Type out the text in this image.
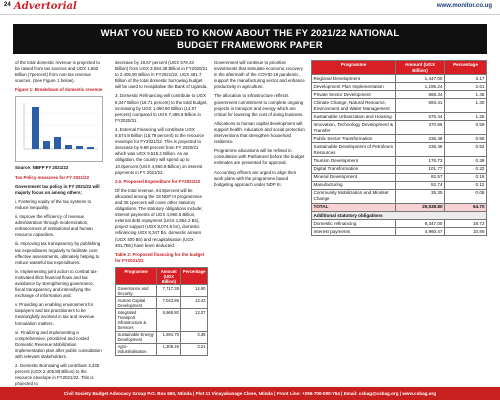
24 Advertorial	www.monitor.co.ug
WHAT YOU NEED TO KNOW ABOUT THE FY 2021/22 NATIONAL
BUDGET FRAMEWORK PAPER

of the total domestic revenue is projected to be raised from tax sources and UGX 1,562 Billion (7percent) from non-tax revenue sources. (See Figure 1 below).

Figure 1: Breakdown of domestic revenue

Source: NBFP FY 2021/22

Tax Policy measures for FY 2021/22

Government tax policy in FY 2021/22 will majorly focus on among others;

i. Fostering equity of the tax systems to reduce inequality.

ii. Improve the efficiency of revenue administration through modernization, enhancement of institutional and human resource capacities.

iii. Improving tax transparency by publishing tax expenditures regularly to facilitate cost-effective assessments, ultimately helping to reduce wasteful tax expenditures.

iv. Implementing joint action to combat tax-motivated illicit financial flows and tax avoidance by strengthening governance, fiscal transparency and intensifying the exchange of information and;

v. Providing an enabling environment for taxpayers and tax practitioners to be meaningfully involved in tax and revenue formulation matters.

vi. Finalizing and implementing a comprehensive, prioritized and costed Domestic Revenue Mobilization implementation plan after public consultation with relevant stakeholders.

2. Domestic Borrowing will contribute 3,435 percent (UGX 2,405.88 Billion) to the resource envelope in FY2021/22. This is projected to

decrease by 18.67 percent (UGX 579.43 Billion) from UGX 3,084.38 Billion in FY2020/21 to 2,405.90 Billion in FY2021/22. UGX 481.7 Billion of the total domestic borrowing budget will be used to recapitalise the Bank of Uganda.

3. Domestic Refinancing will contribute to UGX 8,347 Billion (18.71 percent) to the total budget, increasing by UGX 1,060.90 Billion (14.57 percent) compared to UGX 7,486.5 Billion in FY2020/21.

4. External Financing will contribute UGX 8,574.9 Billion (15.78 percent) to the resource envelope for FY2021/22. This is projected to decrease by 9.88 percent from FY 2020/21 which was UGX 9,515.2 Billion. As an obligation, the country will spend up to 10.0percent (UGX 4,960.5 Billion) on interest payments in FY 2021/22.

2.0. Proposed Expenditure for FY2021/22

Of the total revenue, 64.9percent will be allocated among the 18 NDP III programmes and 35.1percent will cover other statutory obligations. The statutory obligations include; interest payments of UGX 4,960.5 Billion, external debt repayment (UGX 1,854.2 Bn), project support (UGX 8,074.9 bn), domestic refinancing UGX 8,347 Bn, domestic arrears (UGX 400 Bn) and recapitalisation (UGX 481.7Bn) have been deducted.

Table 2: Proposed financing for the budget for FY2021/22

Programme	Amount (UGX Billion)	Percentage
Governance and Security	7,717.39	14.90
Human Capital Development	7,043.86	13.43
Integrated Transport Infrastructure & Services	5,968.80	13.07
Sustainable Energy Development	1,694.70	3.38
Agro-Industrialisation	1,309.26	3.21

Government will continue to prioritise investments that stimulate economic recovery in the aftermath of the COVID-19 pandemic, support the manufacturing sector and enhance productivity in agriculture.

The allocation to infrastructure reflects government commitment to complete ongoing projects in transport and energy which are critical for lowering the cost of doing business.

Allocations to human capital development will support health, education and social protection interventions that strengthen household resilience.

Programme allocations will be refined in consultation with Parliament before the budget estimates are presented for approval.

Accounting officers are urged to align their work plans with the programme based budgeting approach under NDP III.

Programme	Amount (UGX Billion)	Percentage
Regional Development	1,447.00	3.17
Development Plan Implementation	1,195.24	2.61
Private Sector Development	668.34	1.45
Climate Change, Natural Resource, Environment and Water Management	593.41	1.30
Sustainable Urbanization and Housing	575.44	1.26
Innovation, Technology Development & Transfer	370.86	0.59
Public Sector Transformation	235.48	0.56
Sustainable Development of Petroleum Resources	235.48	0.52
Tourism Development	176.73	0.39
Digital Transformation	101.77	0.22
Mineral Development	82.57	0.18
Manufacturing	52.74	0.12
Community Mobilization and Mindset Change	35.35	0.08
TOTAL	29,538.80	64.70
Additional statutory obligations		
Domestic refinancing	8,347.00	18.72
Interest payments	4,960.47	10.86
Civil Society Budget Advocacy Group P.O. Box 660, Ntinda | Plot 11 Vinayakanage Close, Ntinda | Front Line: +256-700-000-764 | Email: csbag@csbag.org | www.csbag.org
